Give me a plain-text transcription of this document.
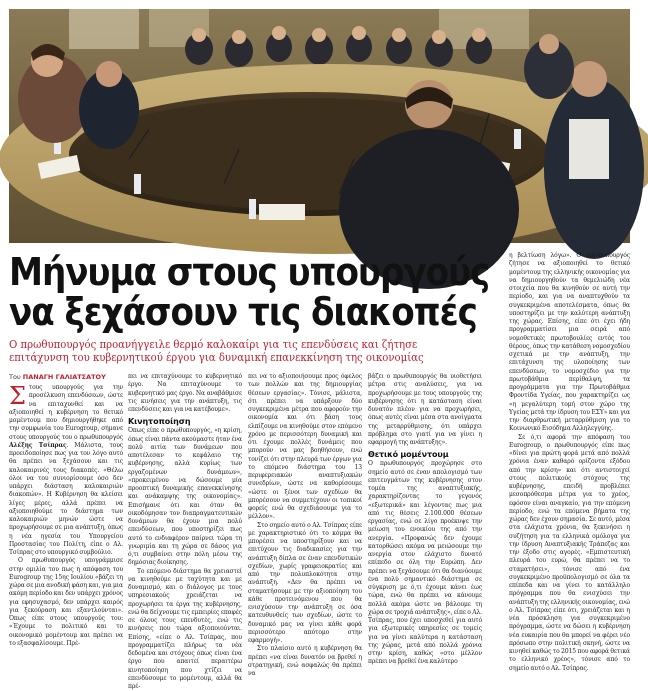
Μήνυμα στους υπουργούς
να ξεχάσουν τις διακοπές
Ο πρωθυπουργός προανήγγειλε θερμό καλοκαίρι για τις επενδύσεις και ζήτησε
επιτάχυνση του κυβερνητικού έργου για δυναμική επανεκκίνηση της οικονομίας
Του ΠΑΝΑΓΗ ΓΑΛΙΑΤΣΑΤΟΥ

Στους υπουργούς για την προσέλκυση επενδύσεων, ώστε να επιταχυνθεί και να αξιοποιηθεί η κυβέρνηση το θετικό μομέντουμ που δημιουργήθηκε από την συμφωνία του Eurogroup, σήμανε στους υπουργούς του ο πρωθυπουργός Αλέξης Τσίπρας. Μάλιστα, τους προειδοποίησε πως για τον λόγο αυτό θα πρέπει να ξεχάσουν και τις καλοκαιρινές τους διακοπές. «Θέλω όλοι να του συνιορίσουμε όσο δεν υπάρχει διάσταση καλοκαιριών διακοπών». Η Κυβέρνηση θα κλείσει λίγες μέρες, αλλά πρέπει να αξιοποιηθούμε το διάστημα των καλοκαιριών μηνών ώστε να προχωρήσουμε σε μια ανάπτυξη, όπως η νέα ηγεσία του Υπουργείου Προστασίας του Πολίτη, είπε ο Αλ. Τσίπρας στο υπουργικό συμβούλιο.

Ο πρωθυπουργός υπογράμμισε στην ομιλία του πως η απόφαση του Eurogroup της 15ης Ιουλίου «βάζει τη χώρα σε μια ανοδική φάση και, για μια ακόμη περίοδο και δεν υπάρχει χρόνος για εφησυχασμό, δεν υπάρχει καιρός για ξεκούραση και εξαντλούνται». Όπως είπε στους υπουργούς του: «Έχουμε το πολιτικό και το οικονομικό μομέντουμ και πρέπει να το εξασφαλίσουμε. Πρέ-

πει να επιταχύνουμε το κυβερνητικό έργο. Να επιταχύνουμε το κυβερνητικό μας έργο. Να αναβάθμισε τις κινήσεις για την ανάπτυξη, τις επενδύσεις και για να κατέβουμε».

Κινητοποίηση

Όπως είπε ο πρωθυπουργός, «η κρίση, όπως είναι πάντα ακούμαστε ήταν ένα πολύ αιτία των δυνάμεων που αποτέλεσαν το κεφάλαιο της κυβέρνησης, αλλά κυρίως των εργαζομένων δυνάμεων», «προκειμένου να δώσουμε μία προοπτική δυναμικής επανεκκίνησης και ανάκαμψης της οικονομίας». Επισήμανε ότι και όταν θα οικοδόμησαν τον διαπραγματευτικών δυνάμεων θα έχουν μια πολύ επενδύσεων, που υποστηρίζει πως αυτό το ενδιαφέρον παίρνει τώρα τη γνωριμία και τη χώρα σε δάσος για ό,τι συμβαίνει στην πόλη μέσω της δημόσιας διοίκησης.

Το επόμενο διάστημα θα χρειαστεί να κινηθούμε με ταχύτητα και με δυναμισμό, και ο διάλογος με τους υπηρεσιακούς χρειάζεται να προχωρήσει τα έργα της κυβέρνησης, ενώ θα δείχνουμε τις εμπειρίες επαφές σε όλους τους επενδυτές, ενώ τις κινήσεις που τώρα αξιοποιούνται. Επίσης, «είπε ο Αλ. Τσίπρας, που προγραμματίζει πλήρως τα νέα δεδομένα και στόχους όπως είναι ένα έργο που απαιτεί περαιτέρω κινητοποίηση που χτίζει να επενδύσουμε το μομέντουμ, αλλά θα πρέ-

πει να το αξιοποιήσουμε προς όφελος των πολλών και της δημιουργίας θέσεων εργασίας». Τόνισε, μάλιστα, ότι πρέπει να υπάρξουν δύο συγκεκριμένα μέτρα που αφορούν την οικονομία και ότι βάση τους ελπίζουμε να κινηθούμε στον επόμενο χρόνο με περισσότερη δυναμική και ότι έχουμε πολλές δυνάμεις που μπορούν να μας βοηθήσουν, ενώ τονίζει ότι στην πλευρά των έργων για το επόμενο διάστημα του 13 περιφερειακών αναπτυξιακών συνεδρίων, ώστε να καθορίσουμε «ώστε οι ξένοι των σχεδίων θα μπορέσουν να συμμετέχουν οι τοπικοί φορείς ενώ θα σχεδιάσουμε για το μέλλον».

Στο σημείο αυτό ο Αλ. Τσίπρας είπε με χαρακτηριστικό ότι το κόμμα θα μπορέσει να υποστηρίξουν και να επιτύχουν τις διαδικασίες για την ανάπτυξη δίπλα σε έναν επενδυτικών σχεδίων, χωρίς γραφειοκρατίες και από την πολυπλοκότητα στην ανάπτυξη. «Δεν θα πρέπει να σταματήσουμε με την αξιοποίηση του κάθε προτεινόμενου που θα ενισχύσουν την ανάπτυξη σε όσα κατευθυνθείς των σχεδίων, ώστε το δυναμικό μας να γίνει κάθε φορά περισσότερο απότομο στην εφαρμογή».

Στο πλαίσιο αυτό η κυβέρνηση θα πρέπει «να είναι δυνατόν να βρεθεί η στρατηγική, ενώ ασφαλώς θα πρέπει να

βάζει ο πρωθυπουργός θα υιοθετήσει μέτρα στις αναλύσεις, για να προχωρήσουμε με τους υπουργούς της κυβέρνησης ότι η κατάσταση είναι δυνατόν πλέον για να προχωρήσει, όπως αυτές είναι μέσα στα ανοίγματα της μεταρρύθμισης, ότι υπάρχει πρόβλημα στο γιατί για να γίνει η εφαρμογή της ανάπτυξης».

Θετικό μομέντουμ

Ο πρωθυπουργός προχώρησε στο σημείο αυτό σε έναν απολογισμό των επιτευγμάτων της κυβέρνησης στον τομέα της αναπτυξιακής, χαρακτηρίζοντας το γεγονός «εξωτερικά» και λέγοντας πως μια από τις θέσεις 2.100.000 θέσεων εργασίας, ενώ σε λίγο προέκυψε την μείωση του ενοικίου της από την ανεργία. «Προφανώς δεν έχουμε κατορθώσει ακόμα να μειώσουμε την ανεργία στον ελάχιστο δυνατό επίπεδο σε όλη την Ευρώπη. Δεν πρέπει να ξεχάσουμε ότι θα διανύουμε ένα πολύ σημαντικό διάστημα σε σύγκριση με ό,τι έχουμε κάνει έως τώρα, ενώ θα πρέπει να κάνουμε πολλά ακόμα ώστε να βάλουμε τη χώρα σε τροχιά ανάπτυξης», είπε ο Αλ. Τσίπρας, που έχει υποσχεθεί για αυτό για εξωτερικές υπηρεσίες σε τομείς για να γίνει καλύτερα η κατάσταση της χώρας, μετά από πολλά χρόνια στην κρίση, καθώς «στο μέλλον πρέπει να βρεθεί ένα καλύτερο

η βελτίωση λόγω». Ο πρωθυπουργός ζήτησε να αξιοποιηθεί το θετικό μομέντουμ της ελληνικής οικονομίας για να δημιουργηθούν τα θεμελιώδη νέα στοιχεία που θα κινηθούν σε αυτή την περίοδο, και για να αναπτυχθούν τα συγκεκριμένα αποτελέσματα, όπως θα υποστηρίζει με την καλύτερη ανάπτυξη της χώρας. Επίσης, είπε ότι έχει ήδη προγραμματίσει μια σειρά από νομοθετικές πρωτοβουλίες εντός του θέρους, όπως την κατάθεση νομοσχεδίου σχετικά με την ανάπτυξη, την επιτάχυνση της υλοποίησης των επενδύσεων, το νομοσχέδιο για την πρωτοβάθμια περίθαλψη, τα προγράμματα για την Πρωτοβάθμια Φροντίδα Υγείας, που χαρακτηρίζει ως «η μεγαλύτερη τομή στον χώρο της Υγείας μετά την ίδρυση του ΕΣΥ» και για την διαρθρωτική μεταρρύθμιση για το Κοινωνικό Εισόδημα Αλληλεγγύης.

Σε ό,τι αφορά την απόφαση του Eurogroup, ο πρωθυπουργός είπε πως «δίνει για πρώτη φορά μετά από πολλά χρόνια έναν καθαρό ορίζοντα εξόδου από την κρίση» και ότι αντιστοιχεί στους πολιτικούς στόχους της κυβέρνησης, επειδή προβλέπει μεσοπρόθεσμα μέτρα για το χρέος, εφόσον είναι αναγκαίο, για την επόμενη περίοδο, ενώ τα επόμενα βήματα της χώρας δεν έχουν σημασία. Σε αυτό, μέσα στα ελάχιστα χρόνια, θα ξεκινήσει η συζήτηση για τα ελληνικά ομόλογα για την ίδρυση Αναπτυξιακής Τράπεζας και την έξοδο στις αγορές. «Εμπιστευτική πλευρά του ευρώ, θα πρέπει να το σταματήσει», τόνισε από ένα συγκεκριμένο προϋπολογισμό σε όλα τα επίπεδα και να γίνει το κατάλληλο πρόγραμμα που θα ενισχύσει την ανάπτυξη της ελληνικής οικονομίας, ενώ ο Αλ. Τσίπρας είπε ότι, χρειάζεται και η νέα πρόσκληση για συγκεκριμένο πρόγραμμα, ώστε να δώσει η κυβέρνηση νέα ευκαιρία που θα μπορεί να φέρει νέο πρόσωπο στην πολιτική σκηνή, ώστε να κινηθεί καθώς το 2015 που αφορά θετικά το ελληνικό χρέος», τόνισε από το σημείο αυτό ο Αλ. Τσίπρας.
